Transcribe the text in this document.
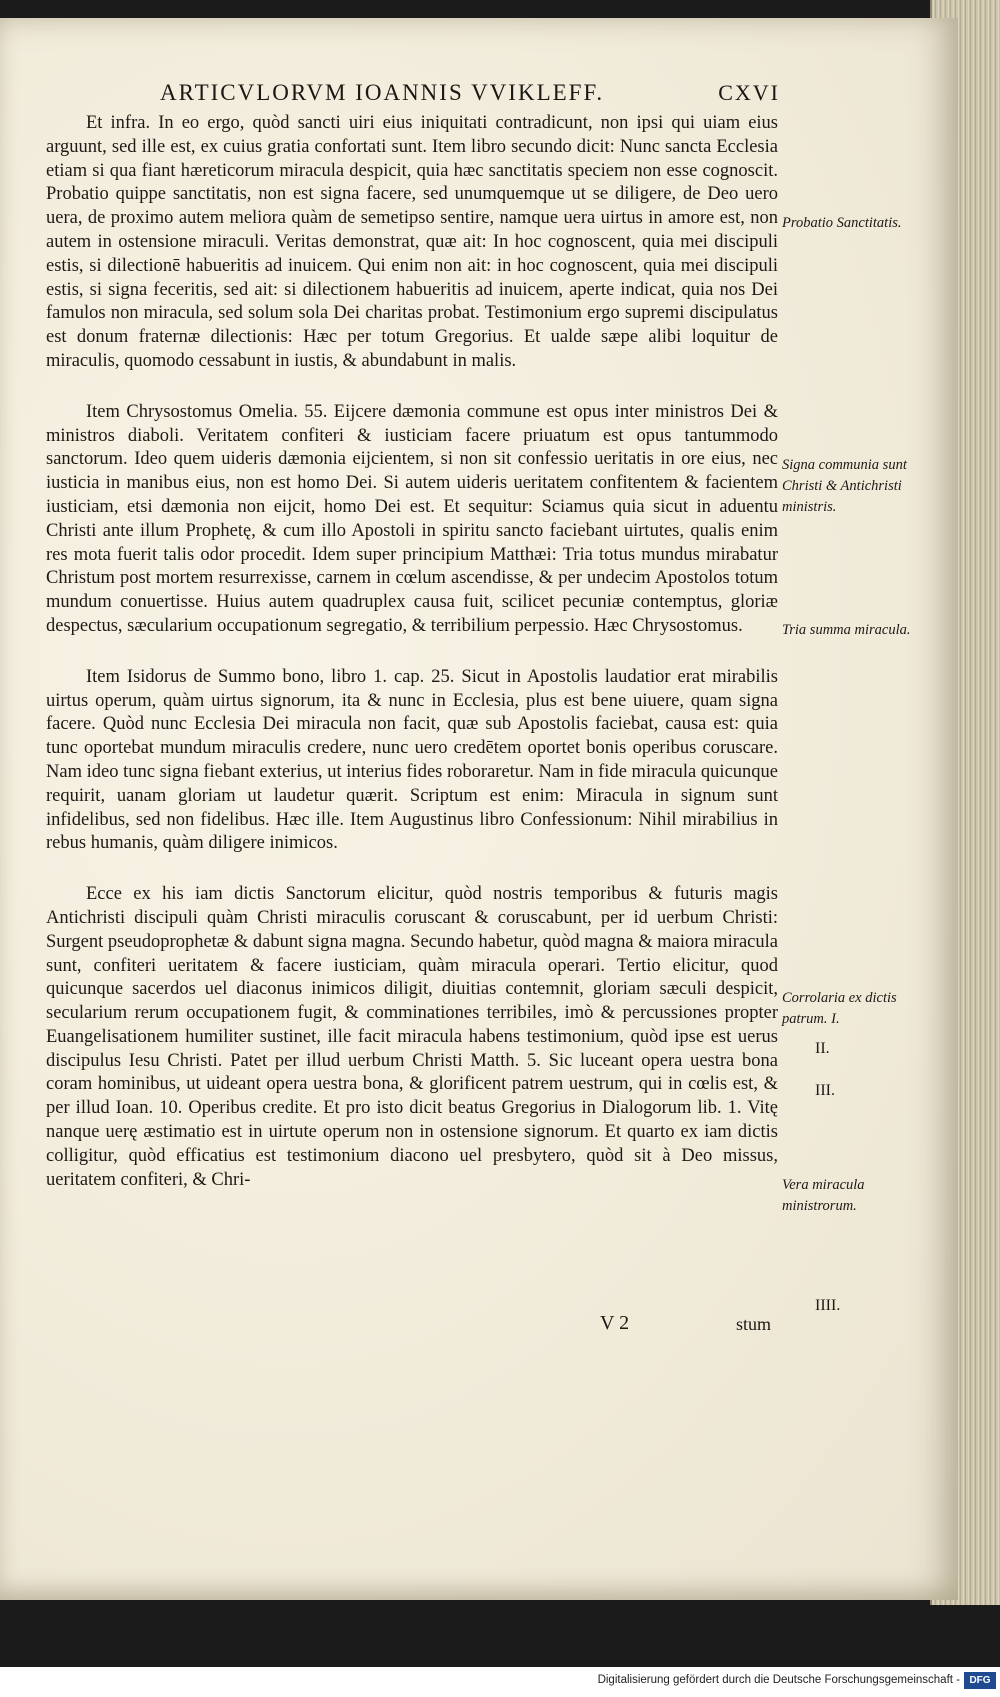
ARTICVLORVM IOANNIS VVIKLEFF.	CXVI

Et infra. In eo ergo, quòd sancti uiri eius iniquitati contradicunt, non ipsi qui uiam eius arguunt, sed ille est, ex cuius gratia confortati sunt. Item libro secundo dicit: Nunc sancta Ecclesia etiam si qua fiant hæreticorum miracula despicit, quia hæc sanctitatis speciem non esse cognoscit. Probatio quippe sanctitatis, non est signa facere, sed unumquemque ut se diligere, de Deo uero uera, de proximo autem meliora quàm de semetipso sentire, namque uera uirtus in amore est, non autem in ostensione miraculi. Veritas demonstrat, quæ ait: In hoc cognoscent, quia mei discipuli estis, si dilectionē habueritis ad inuicem. Qui enim non ait: in hoc cognoscent, quia mei discipuli estis, si signa feceritis, sed ait: si dilectionem habueritis ad inuicem, aperte indicat, quia nos Dei famulos non miracula, sed solum sola Dei charitas probat. Testimonium ergo supremi discipulatus est donum fraternæ dilectionis: Hæc per totum Gregorius. Et ualde sæpe alibi loquitur de miraculis, quomodo cessabunt in iustis, & abundabunt in malis.

Item Chrysostomus Omelia. 55. Eijcere dæmonia commune est opus inter ministros Dei & ministros diaboli. Veritatem confiteri & iusticiam facere priuatum est opus tantummodo sanctorum. Ideo quem uideris dæmonia eijcientem, si non sit confessio ueritatis in ore eius, nec iusticia in manibus eius, non est homo Dei. Si autem uideris ueritatem confitentem & facientem iusticiam, etsi dæmonia non eijcit, homo Dei est. Et sequitur: Sciamus quia sicut in aduentu Christi ante illum Prophetę, & cum illo Apostoli in spiritu sancto faciebant uirtutes, qualis enim res mota fuerit talis odor procedit. Idem super principium Matthæi: Tria totus mundus mirabatur Christum post mortem resurrexisse, carnem in cœlum ascendisse, & per undecim Apostolos totum mundum conuertisse. Huius autem quadruplex causa fuit, scilicet pecuniæ contemptus, gloriæ despectus, sæcularium occupationum segregatio, & terribilium perpessio. Hæc Chrysostomus.

Item Isidorus de Summo bono, libro 1. cap. 25. Sicut in Apostolis laudatior erat mirabilis uirtus operum, quàm uirtus signorum, ita & nunc in Ecclesia, plus est bene uiuere, quam signa facere. Quòd nunc Ecclesia Dei miracula non facit, quæ sub Apostolis faciebat, causa est: quia tunc oportebat mundum miraculis credere, nunc uero credētem oportet bonis operibus coruscare. Nam ideo tunc signa fiebant exterius, ut interius fides roboraretur. Nam in fide miracula quicunque requirit, uanam gloriam ut laudetur quærit. Scriptum est enim: Miracula in signum sunt infidelibus, sed non fidelibus. Hæc ille. Item Augustinus libro Confessionum: Nihil mirabilius in rebus humanis, quàm diligere inimicos.

Ecce ex his iam dictis Sanctorum elicitur, quòd nostris temporibus & futuris magis Antichristi discipuli quàm Christi miraculis coruscant & coruscabunt, per id uerbum Christi: Surgent pseudoprophetæ & dabunt signa magna. Secundo habetur, quòd magna & maiora miracula sunt, confiteri ueritatem & facere iusticiam, quàm miracula operari. Tertio elicitur, quod quicunque sacerdos uel diaconus inimicos diligit, diuitias contemnit, gloriam sæculi despicit, secularium rerum occupationem fugit, & comminationes terribiles, imò & percussiones propter Euangelisationem humiliter sustinet, ille facit miracula habens testimonium, quòd ipse est uerus discipulus Iesu Christi. Patet per illud uerbum Christi Matth. 5. Sic luceant opera uestra bona coram hominibus, ut uideant opera uestra bona, & glorificent patrem uestrum, qui in cœlis est, & per illud Ioan. 10. Operibus credite. Et pro isto dicit beatus Gregorius in Dialogorum lib. 1. Vitę nanque uerę æstimatio est in uirtute operum non in ostensione signorum. Et quarto ex iam dictis colligitur, quòd efficatius est testimonium diacono uel presbytero, quòd sit à Deo missus, ueritatem confiteri, & Chri-

Probatio Sanctitatis.
Signa communia sunt Christi & Antichristi ministris.
Tria summa miracula.
Corrolaria ex dictis patrum. I.
II.
III.
Vera miracula ministrorum.
IIII.
V 2	stum
Digitalisierung gefördert durch die Deutsche Forschungsgemeinschaft - DFG
